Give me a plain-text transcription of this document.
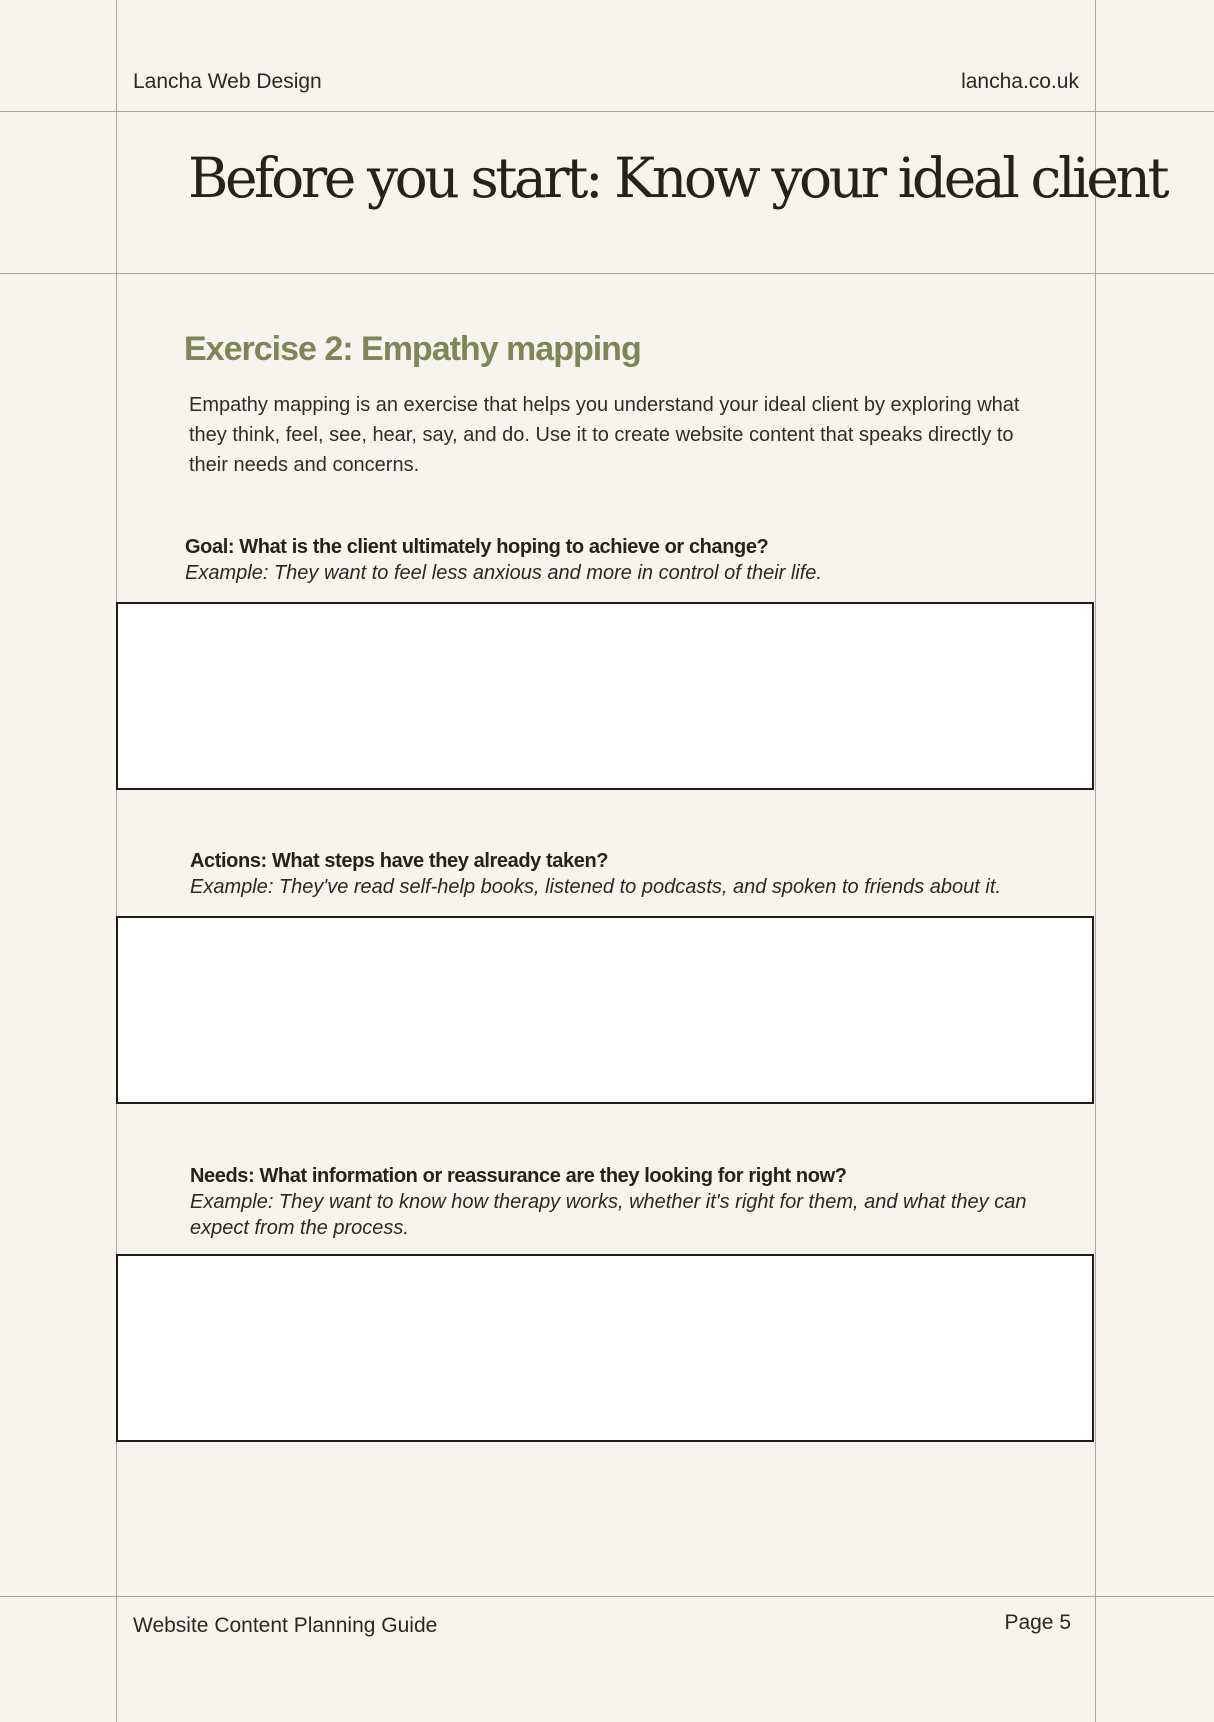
Lancha Web Design	lancha.co.uk
Before you start: Know your ideal client
Exercise 2: Empathy mapping

Empathy mapping is an exercise that helps you understand your ideal client by exploring what they think, feel, see, hear, say, and do. Use it to create website content that speaks directly to their needs and concerns.

Goal: What is the client ultimately hoping to achieve or change?
Example: They want to feel less anxious and more in control of their life.
Actions: What steps have they already taken?
Example: They've read self-help books, listened to podcasts, and spoken to friends about it.
Needs: What information or reassurance are they looking for right now?
Example: They want to know how therapy works, whether it's right for them, and what they can expect from the process.
Website Content Planning Guide	Page 5
